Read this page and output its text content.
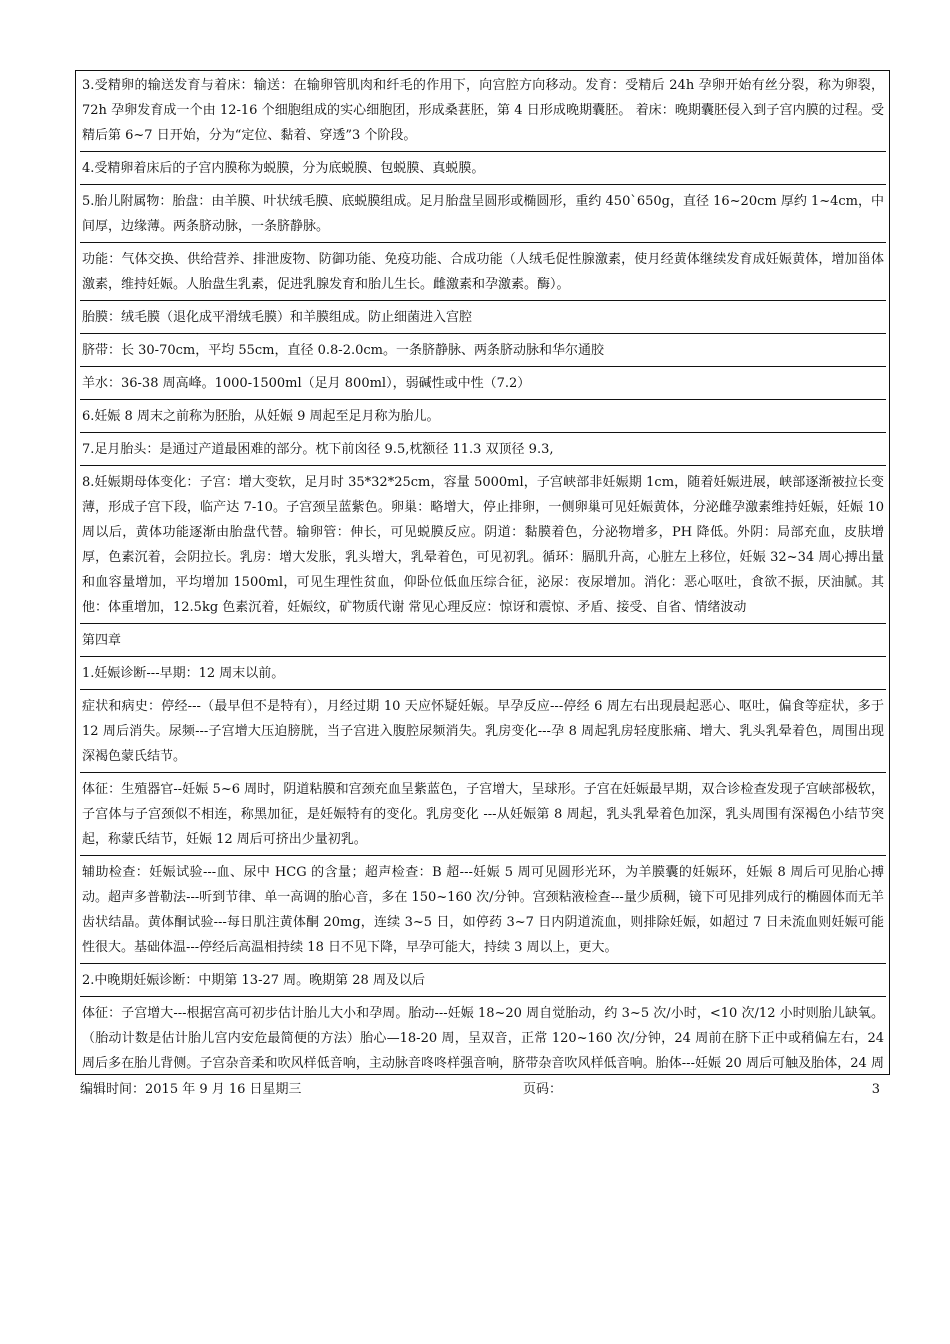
3.受精卵的输送发育与着床：输送：在输卵管肌肉和纤毛的作用下，向宫腔方向移动。发育：受精后 24h 孕卵开始有丝分裂，称为卵裂，72h 孕卵发育成一个由 12-16 个细胞组成的实心细胞团，形成桑葚胚，第 4 日形成晚期囊胚。 着床：晚期囊胚侵入到子宫内膜的过程。受精后第 6~7 日开始，分为“定位、黏着、穿透”3 个阶段。

4.受精卵着床后的子宫内膜称为蜕膜，分为底蜕膜、包蜕膜、真蜕膜。

5.胎儿附属物：胎盘：由羊膜、叶状绒毛膜、底蜕膜组成。足月胎盘呈圆形或椭圆形，重约 450`650g，直径 16~20cm 厚约 1~4cm，中间厚，边缘薄。两条脐动脉，一条脐静脉。

功能：气体交换、供给营养、排泄废物、防御功能、免疫功能、合成功能（人绒毛促性腺激素，使月经黄体继续发育成妊娠黄体，增加甾体激素，维持妊娠。人胎盘生乳素，促进乳腺发育和胎儿生长。雌激素和孕激素。酶）。

胎膜：绒毛膜（退化成平滑绒毛膜）和羊膜组成。防止细菌进入宫腔

脐带：长 30-70cm，平均 55cm，直径 0.8-2.0cm。一条脐静脉、两条脐动脉和华尔通胶

羊水：36-38 周高峰。1000-1500ml（足月 800ml），弱碱性或中性（7.2）

6.妊娠 8 周末之前称为胚胎，从妊娠 9 周起至足月称为胎儿。

7.足月胎头：是通过产道最困难的部分。枕下前囟径 9.5,枕额径 11.3 双顶径 9.3,

8.妊娠期母体变化：子宫：增大变软，足月时 35*32*25cm，容量 5000ml，子宫峡部非妊娠期 1cm，随着妊娠进展，峡部逐渐被拉长变薄，形成子宫下段，临产达 7-10。子宫颈呈蓝紫色。卵巢：略增大，停止排卵，一侧卵巢可见妊娠黄体，分泌雌孕激素维持妊娠，妊娠 10 周以后，黄体功能逐渐由胎盘代替。输卵管：伸长，可见蜕膜反应。阴道：黏膜着色，分泌物增多，PH 降低。外阴：局部充血，皮肤增厚，色素沉着，会阴拉长。乳房：增大发胀，乳头增大，乳晕着色，可见初乳。循环：膈肌升高，心脏左上移位，妊娠 32~34 周心搏出量和血容量增加，平均增加 1500ml，可见生理性贫血，仰卧位低血压综合征，泌尿：夜尿增加。消化：恶心呕吐，食欲不振，厌油腻。其他：体重增加，12.5kg 色素沉着，妊娠纹，矿物质代谢 常见心理反应：惊讶和震惊、矛盾、接受、自省、情绪波动

第四章

1.妊娠诊断---早期：12 周末以前。

症状和病史：停经---（最早但不是特有），月经过期 10 天应怀疑妊娠。早孕反应---停经 6 周左右出现晨起恶心、呕吐，偏食等症状，多于 12 周后消失。尿频---子宫增大压迫膀胱，当子宫进入腹腔尿频消失。乳房变化---孕 8 周起乳房轻度胀痛、增大、乳头乳晕着色，周围出现深褐色蒙氏结节。

体征：生殖器官--妊娠 5~6 周时，阴道粘膜和宫颈充血呈紫蓝色，子宫增大，呈球形。子宫在妊娠最早期，双合诊检查发现子宫峡部极软，子宫体与子宫颈似不相连，称黑加征，是妊娠特有的变化。乳房变化 ---从妊娠第 8 周起，乳头乳晕着色加深，乳头周围有深褐色小结节突起，称蒙氏结节，妊娠 12 周后可挤出少量初乳。

辅助检查：妊娠试验---血、尿中 HCG 的含量；超声检查：B 超---妊娠 5 周可见圆形光环，为羊膜囊的妊娠环，妊娠 8 周后可见胎心搏动。超声多普勒法---听到节律、单一高调的胎心音，多在 150~160 次/分钟。宫颈粘液检查---量少质稠，镜下可见排列成行的椭圆体而无羊齿状结晶。黄体酮试验---每日肌注黄体酮 20mg，连续 3~5 日，如停药 3~7 日内阴道流血，则排除妊娠，如超过 7 日未流血则妊娠可能性很大。基础体温---停经后高温相持续 18 日不见下降，早孕可能大，持续 3 周以上，更大。

2.中晚期妊娠诊断：中期第 13-27 周。晚期第 28 周及以后

体征：子宫增大---根据宫高可初步估计胎儿大小和孕周。胎动---妊娠 18~20 周自觉胎动，约 3~5 次/小时，<10 次/12 小时则胎儿缺氧。（胎动计数是估计胎儿宫内安危最简便的方法）胎心—18-20 周，呈双音，正常 120~160 次/分钟，24 周前在脐下正中或稍偏左右，24 周后多在胎儿背侧。子宫杂音柔和吹风样低音响，主动脉音咚咚样强音响，脐带杂音吹风样低音响。胎体---妊娠 20 周后可触及胎体，24 周

编辑时间：2015 年 9 月 16 日星期三	页码：	3
